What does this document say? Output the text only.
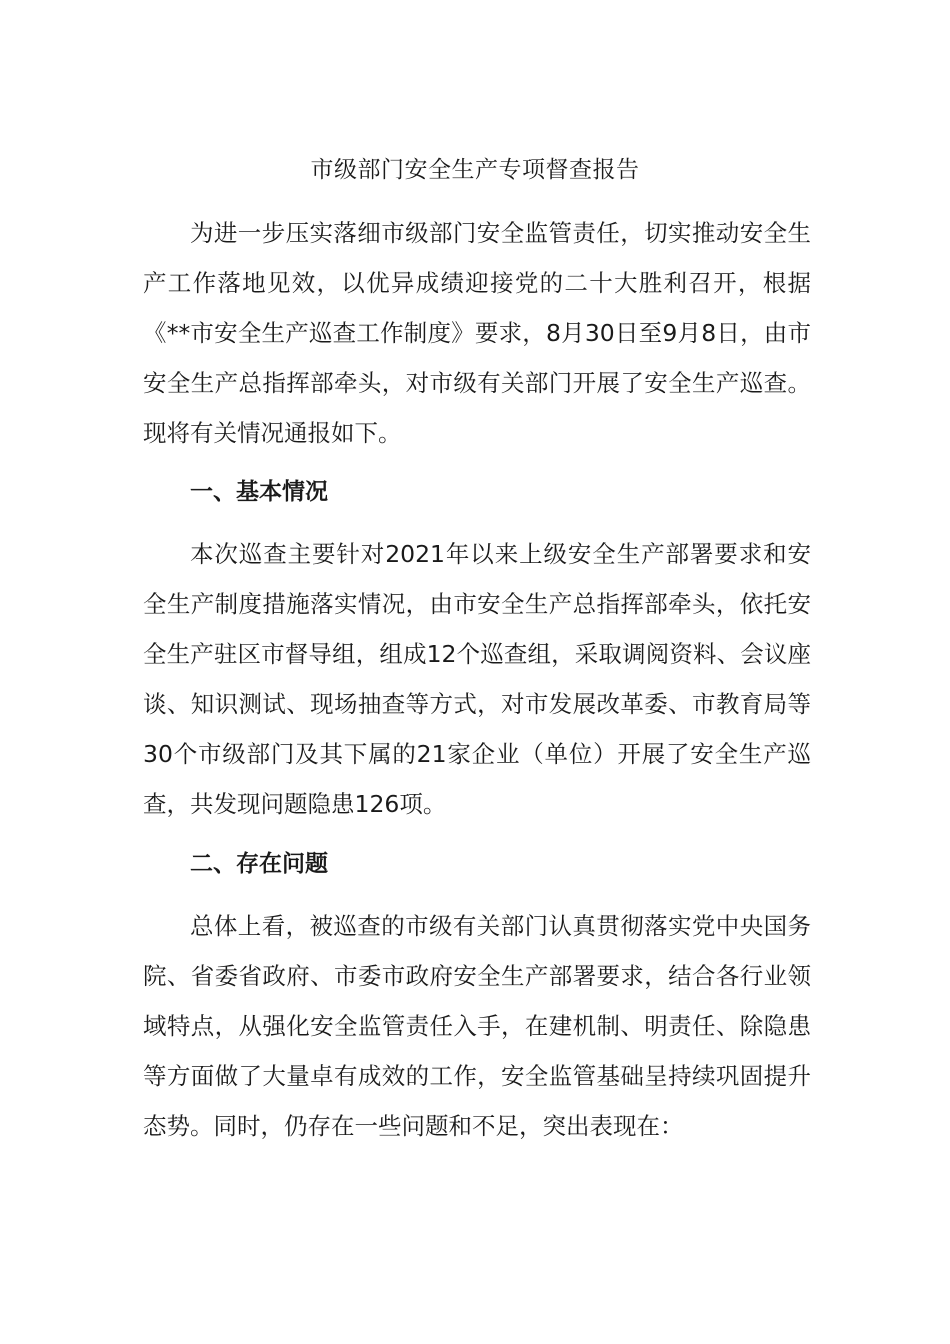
市级部门安全生产专项督查报告

为进一步压实落细市级部门安全监管责任，切实推动安全生产工作落地见效，以优异成绩迎接党的二十大胜利召开，根据《**市安全生产巡查工作制度》要求，8月30日至9月8日，由市安全生产总指挥部牵头，对市级有关部门开展了安全生产巡查。现将有关情况通报如下。

一、基本情况

本次巡查主要针对2021年以来上级安全生产部署要求和安全生产制度措施落实情况，由市安全生产总指挥部牵头，依托安全生产驻区市督导组，组成12个巡查组，采取调阅资料、会议座谈、知识测试、现场抽查等方式，对市发展改革委、市教育局等30个市级部门及其下属的21家企业（单位）开展了安全生产巡查，共发现问题隐患126项。

二、存在问题

总体上看，被巡查的市级有关部门认真贯彻落实党中央国务院、省委省政府、市委市政府安全生产部署要求，结合各行业领域特点，从强化安全监管责任入手，在建机制、明责任、除隐患等方面做了大量卓有成效的工作，安全监管基础呈持续巩固提升态势。同时，仍存在一些问题和不足，突出表现在：
